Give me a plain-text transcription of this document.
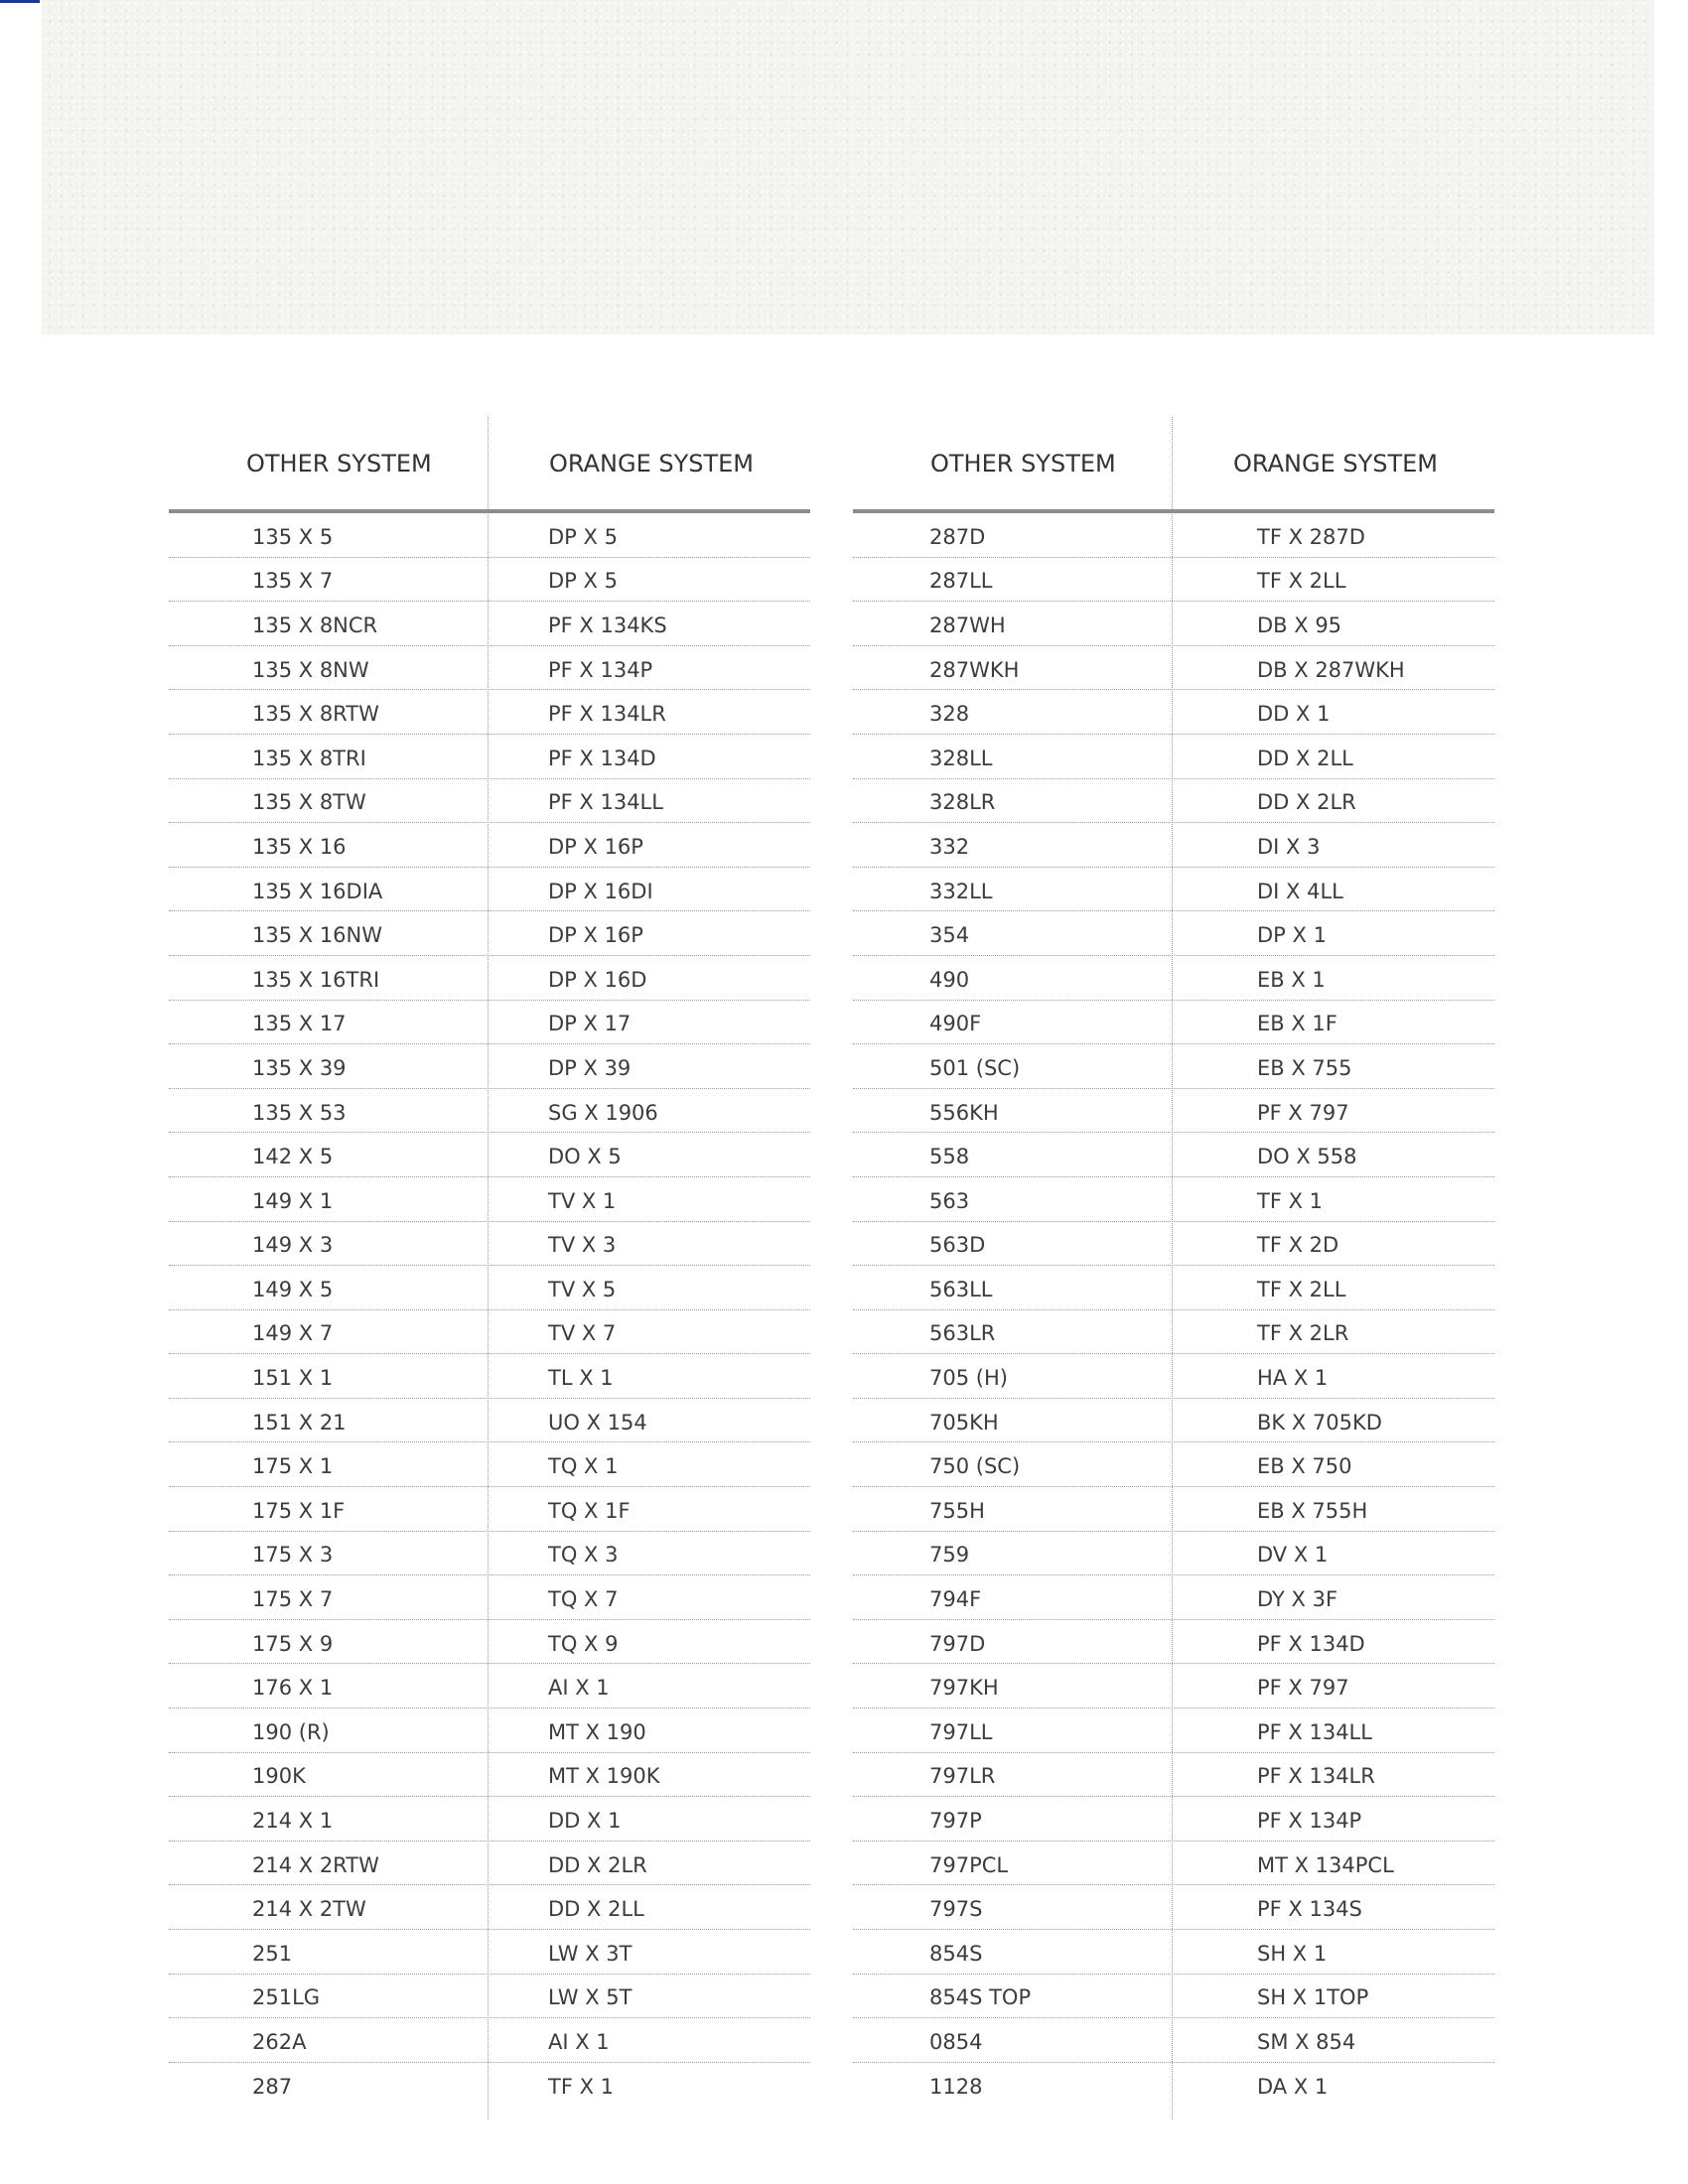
OTHER SYSTEM	ORANGE SYSTEM
135 X 5	DP X 5
135 X 7	DP X 5
135 X 8NCR	PF X 134KS
135 X 8NW	PF X 134P
135 X 8RTW	PF X 134LR
135 X 8TRI	PF X 134D
135 X 8TW	PF X 134LL
135 X 16	DP X 16P
135 X 16DIA	DP X 16DI
135 X 16NW	DP X 16P
135 X 16TRI	DP X 16D
135 X 17	DP X 17
135 X 39	DP X 39
135 X 53	SG X 1906
142 X 5	DO X 5
149 X 1	TV X 1
149 X 3	TV X 3
149 X 5	TV X 5
149 X 7	TV X 7
151 X 1	TL X 1
151 X 21	UO X 154
175 X 1	TQ X 1
175 X 1F	TQ X 1F
175 X 3	TQ X 3
175 X 7	TQ X 7
175 X 9	TQ X 9
176 X 1	AI X 1
190 (R)	MT X 190
190K	MT X 190K
214 X 1	DD X 1
214 X 2RTW	DD X 2LR
214 X 2TW	DD X 2LL
251	LW X 3T
251LG	LW X 5T
262A	AI X 1
287	TF X 1
OTHER SYSTEM	ORANGE SYSTEM
287D	TF X 287D
287LL	TF X 2LL
287WH	DB X 95
287WKH	DB X 287WKH
328	DD X 1
328LL	DD X 2LL
328LR	DD X 2LR
332	DI X 3
332LL	DI X 4LL
354	DP X 1
490	EB X 1
490F	EB X 1F
501 (SC)	EB X 755
556KH	PF X 797
558	DO X 558
563	TF X 1
563D	TF X 2D
563LL	TF X 2LL
563LR	TF X 2LR
705 (H)	HA X 1
705KH	BK X 705KD
750 (SC)	EB X 750
755H	EB X 755H
759	DV X 1
794F	DY X 3F
797D	PF X 134D
797KH	PF X 797
797LL	PF X 134LL
797LR	PF X 134LR
797P	PF X 134P
797PCL	MT X 134PCL
797S	PF X 134S
854S	SH X 1
854S TOP	SH X 1TOP
0854	SM X 854
1128	DA X 1
